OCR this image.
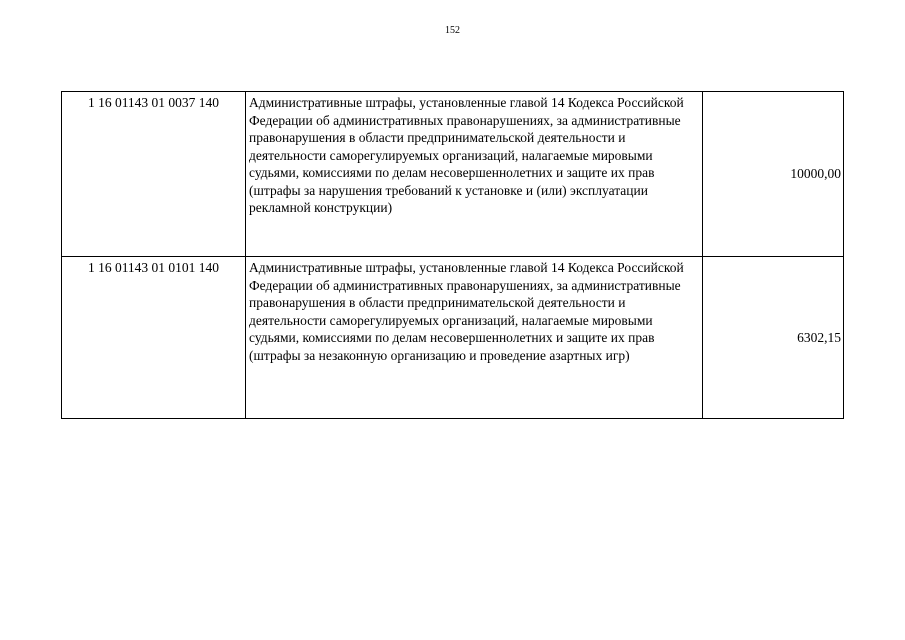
152
1 16 01143 01 0037 140	Административные штрафы, установленные главой 14 Кодекса Российской Федерации об административных правонарушениях, за административные правонарушения в области предпринимательской деятельности и деятельности саморегулируемых организаций, налагаемые мировыми судьями, комиссиями по делам несовершеннолетних и защите их прав (штрафы за нарушения требований к установке и (или) эксплуатации рекламной конструкции)	10000,00
1 16 01143 01 0101 140	Административные штрафы, установленные главой 14 Кодекса Российской Федерации об административных правонарушениях, за административные правонарушения в области предпринимательской деятельности и деятельности саморегулируемых организаций, налагаемые мировыми судьями, комиссиями по делам несовершеннолетних и защите их прав (штрафы за незаконную организацию и проведение азартных игр)	6302,15
